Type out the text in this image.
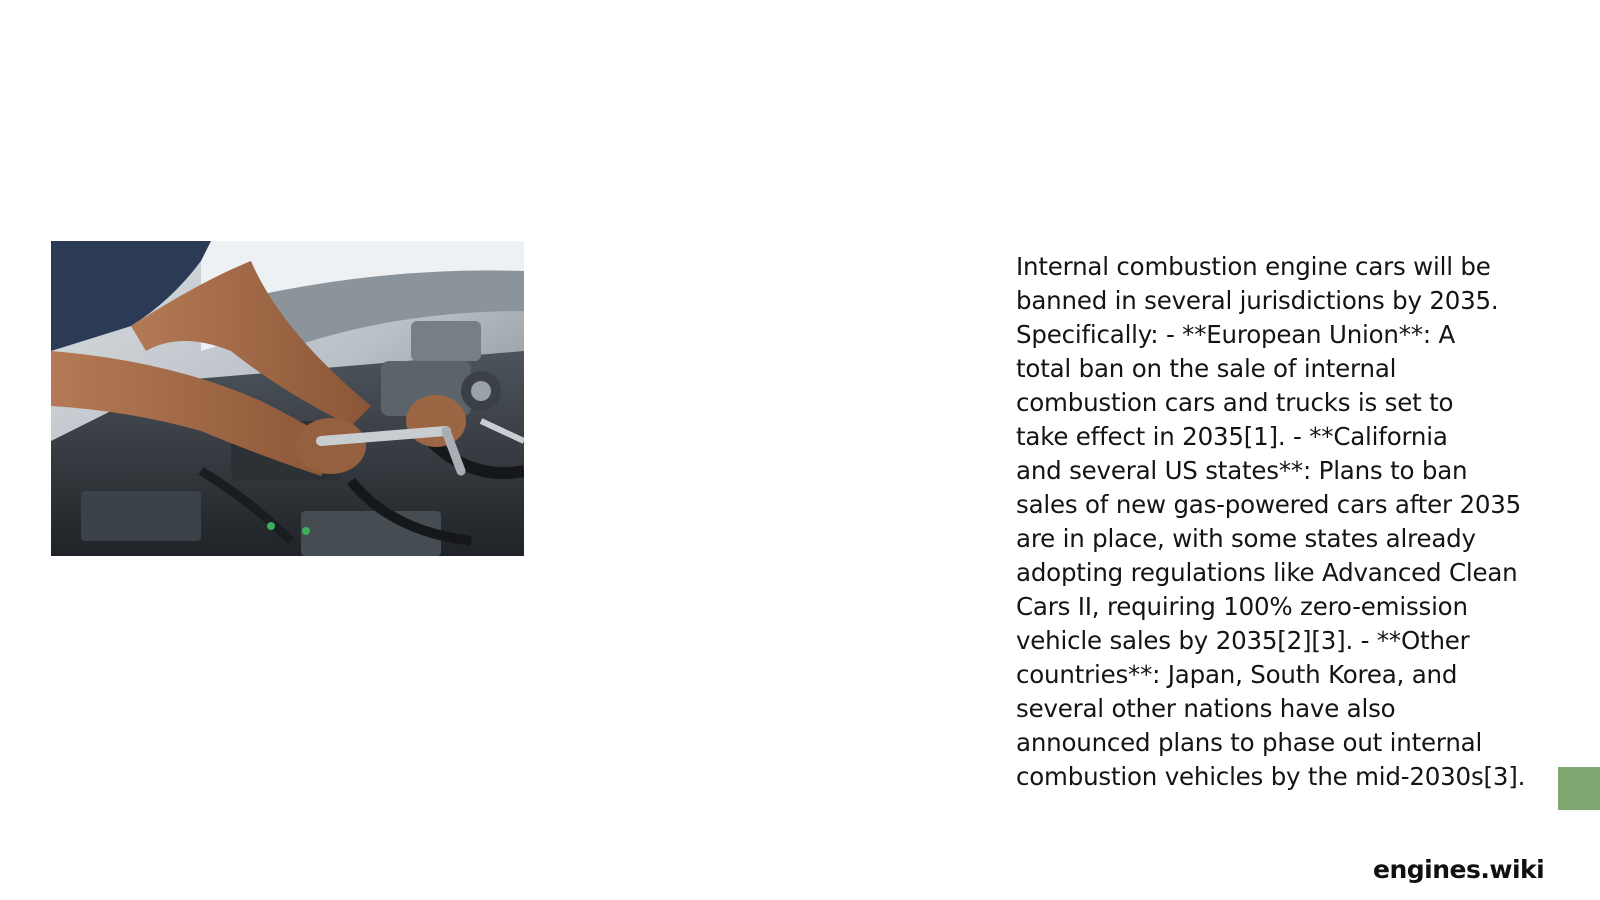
Internal combustion engine cars will be
banned in several jurisdictions by 2035.
Specifically: - **European Union**: A
total ban on the sale of internal
combustion cars and trucks is set to
take effect in 2035[1]. - **California
and several US states**: Plans to ban
sales of new gas-powered cars after 2035
are in place, with some states already
adopting regulations like Advanced Clean
Cars II, requiring 100% zero-emission
vehicle sales by 2035[2][3]. - **Other
countries**: Japan, South Korea, and
several other nations have also
announced plans to phase out internal
combustion vehicles by the mid-2030s[3].

engines.wiki
